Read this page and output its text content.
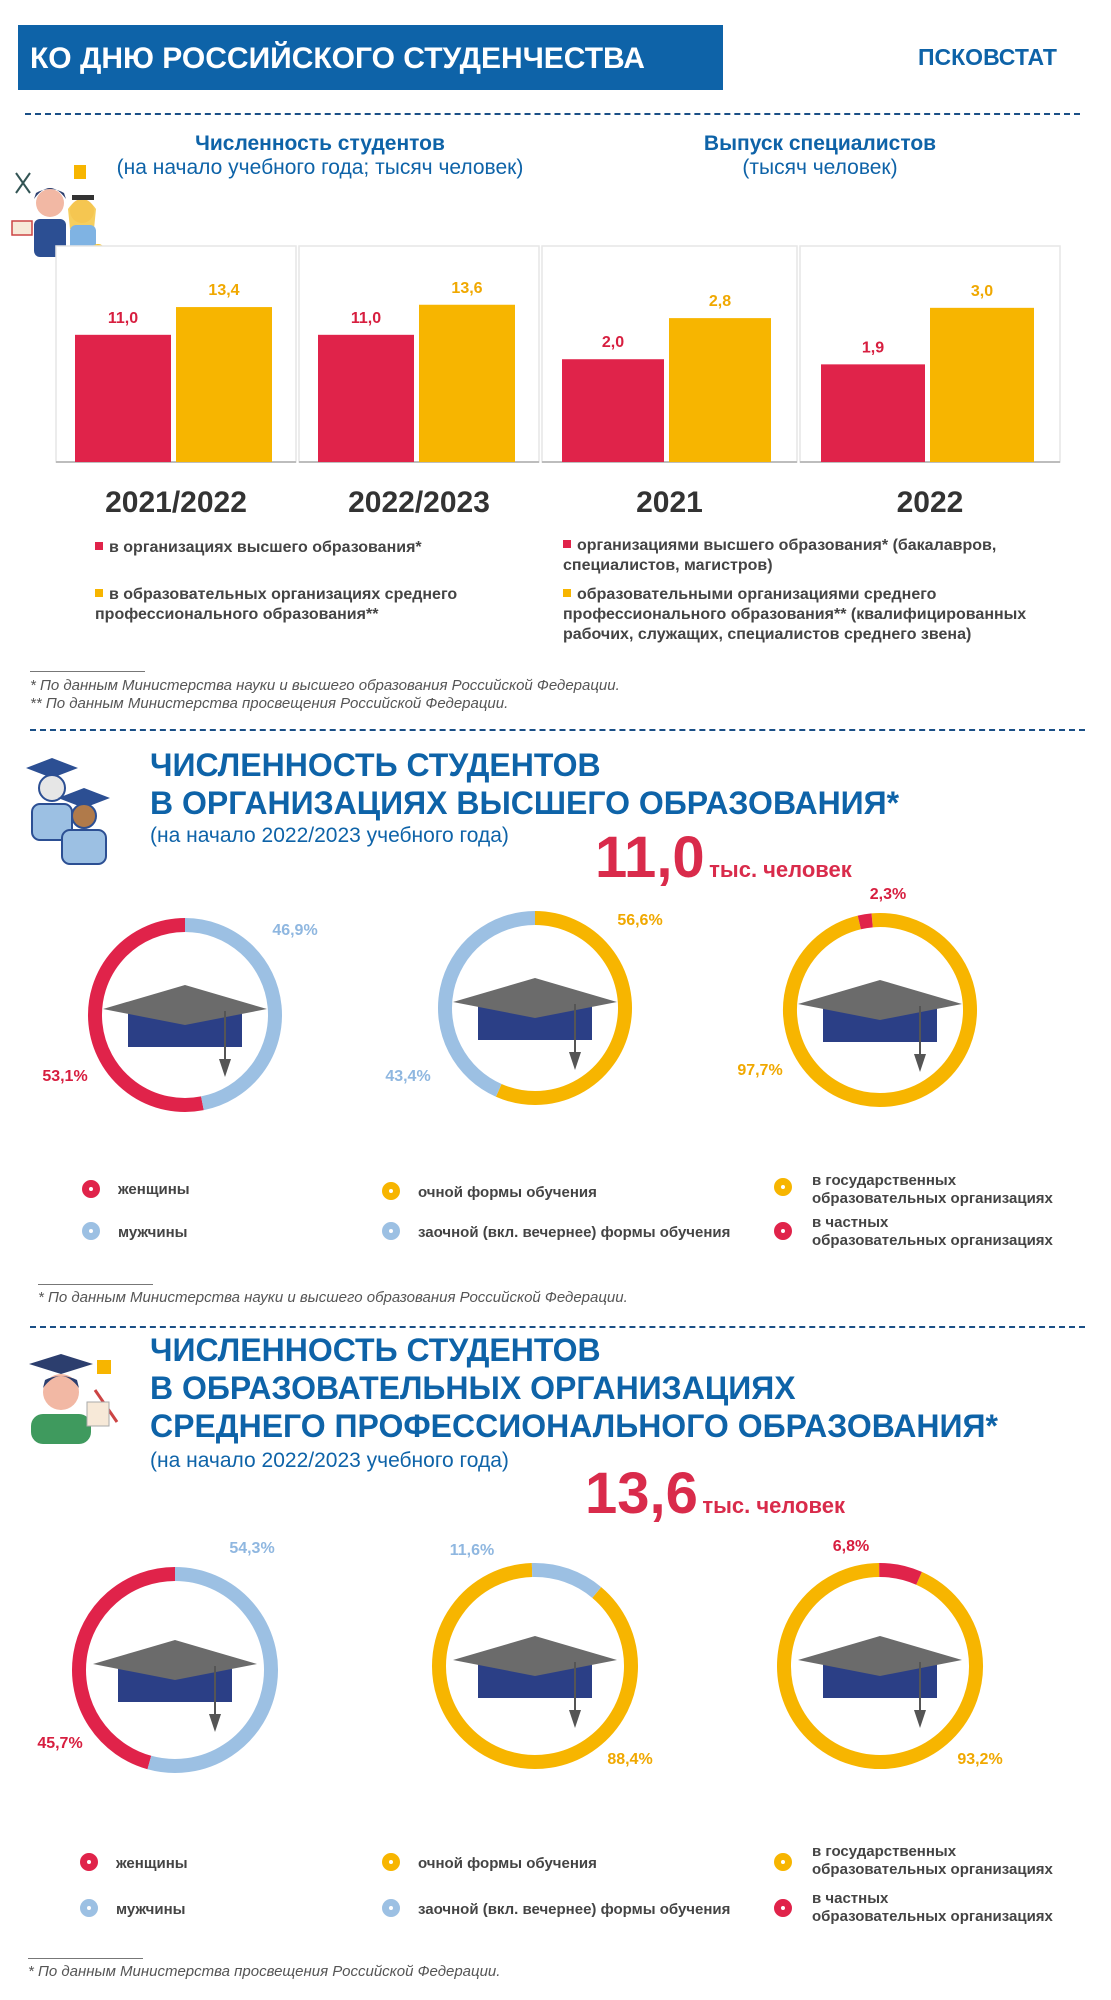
КО ДНЮ РОССИЙСКОГО СТУДЕНЧЕСТВА	ПСКОВСТАТ
Численность студентов
(на начало учебного года; тысяч человек)
Выпуск специалистов
(тысяч человек)
11,0
13,4
2021/2022
11,0
13,6
2022/2023
2,0
2,8
2021
1,9
3,0
2022
в организациях высшего образования*
в образовательных организациях среднего профессионального образования**
организациями высшего образования* (бакалавров, специалистов, магистров)
образовательными организациями среднего профессионального образования** (квалифицированных рабочих, служащих, специалистов среднего звена)
* По данным Министерства науки и высшего образования Российской Федерации.
** По данным Министерства просвещения Российской Федерации.
ЧИСЛЕННОСТЬ СТУДЕНТОВ
В ОРГАНИЗАЦИЯХ ВЫСШЕГО ОБРАЗОВАНИЯ*
(на начало 2022/2023 учебного года) 11,0 тыс. человек
53,1%
46,9%
56,6%
43,4%	97,7%
2,3%
женщины
мужчины
очной формы обучения
заочной (вкл. вечернее) формы обучения
в государственных
образовательных организациях
в частных
образовательных организациях
* По данным Министерства науки и высшего образования Российской Федерации.
ЧИСЛЕННОСТЬ СТУДЕНТОВ
В ОБРАЗОВАТЕЛЬНЫХ ОРГАНИЗАЦИЯХ
СРЕДНЕГО ПРОФЕССИОНАЛЬНОГО ОБРАЗОВАНИЯ*
(на начало 2022/2023 учебного года)
13,6 тыс. человек
45,7%
54,3%
88,4%
11,6%
93,2%
6,8%
женщины
мужчины
очной формы обучения
заочной (вкл. вечернее) формы обучения
в государственных
образовательных организациях
в частных
образовательных организациях
* По данным Министерства просвещения Российской Федерации.
